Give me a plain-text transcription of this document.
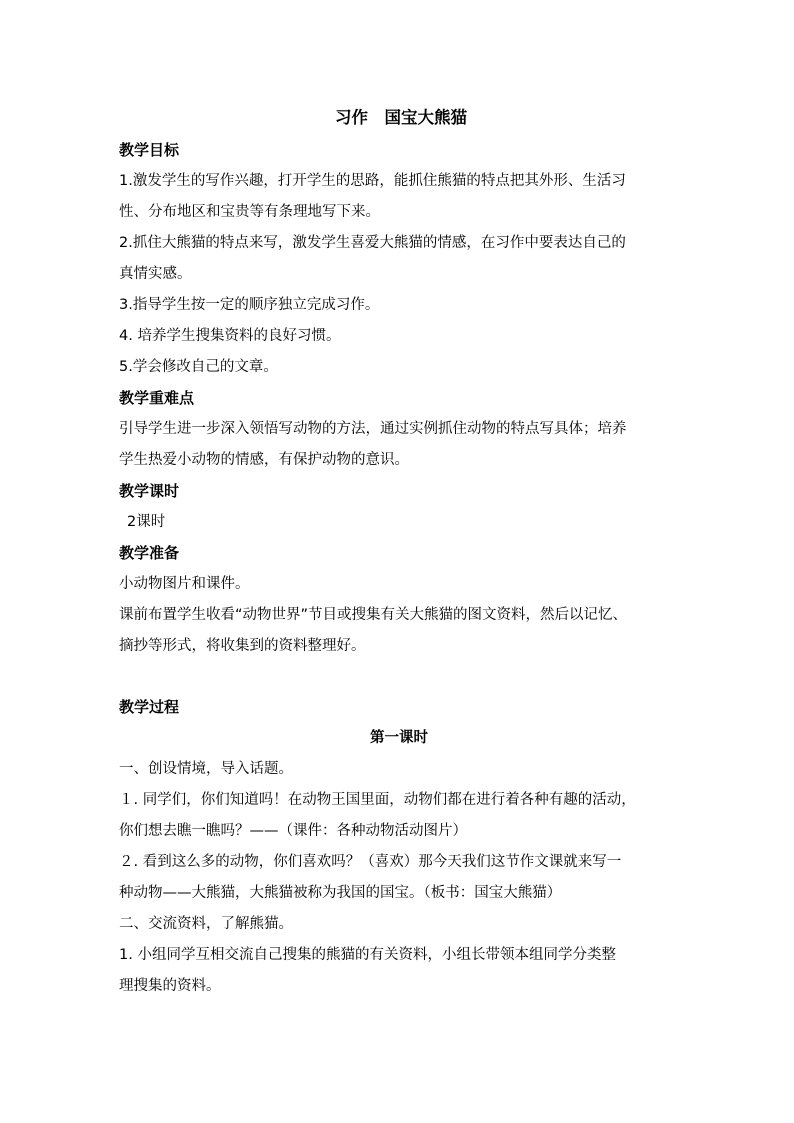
习作　国宝大熊猫

教学目标

1.激发学生的写作兴趣，打开学生的思路，能抓住熊猫的特点把其外形、生活习

性、分布地区和宝贵等有条理地写下来。

2.抓住大熊猫的特点来写，激发学生喜爱大熊猫的情感，在习作中要表达自己的

真情实感。

3.指导学生按一定的顺序独立完成习作。

4. 培养学生搜集资料的良好习惯。

5.学会修改自己的文章。

教学重难点

引导学生进一步深入领悟写动物的方法，通过实例抓住动物的特点写具体；培养

学生热爱小动物的情感，有保护动物的意识。

教学课时

2课时

教学准备

小动物图片和课件。

课前布置学生收看“动物世界”节目或搜集有关大熊猫的图文资料，然后以记忆、

摘抄等形式，将收集到的资料整理好。

教学过程

第一课时

一、创设情境，导入话题。

１. 同学们，你们知道吗！在动物王国里面，动物们都在进行着各种有趣的活动，

你们想去瞧一瞧吗？——（课件：各种动物活动图片）

２. 看到这么多的动物，你们喜欢吗？（喜欢）那今天我们这节作文课就来写一

种动物——大熊猫，大熊猫被称为我国的国宝。（板书：国宝大熊猫）

二、交流资料，了解熊猫。

1. 小组同学互相交流自己搜集的熊猫的有关资料，小组长带领本组同学分类整

理搜集的资料。
